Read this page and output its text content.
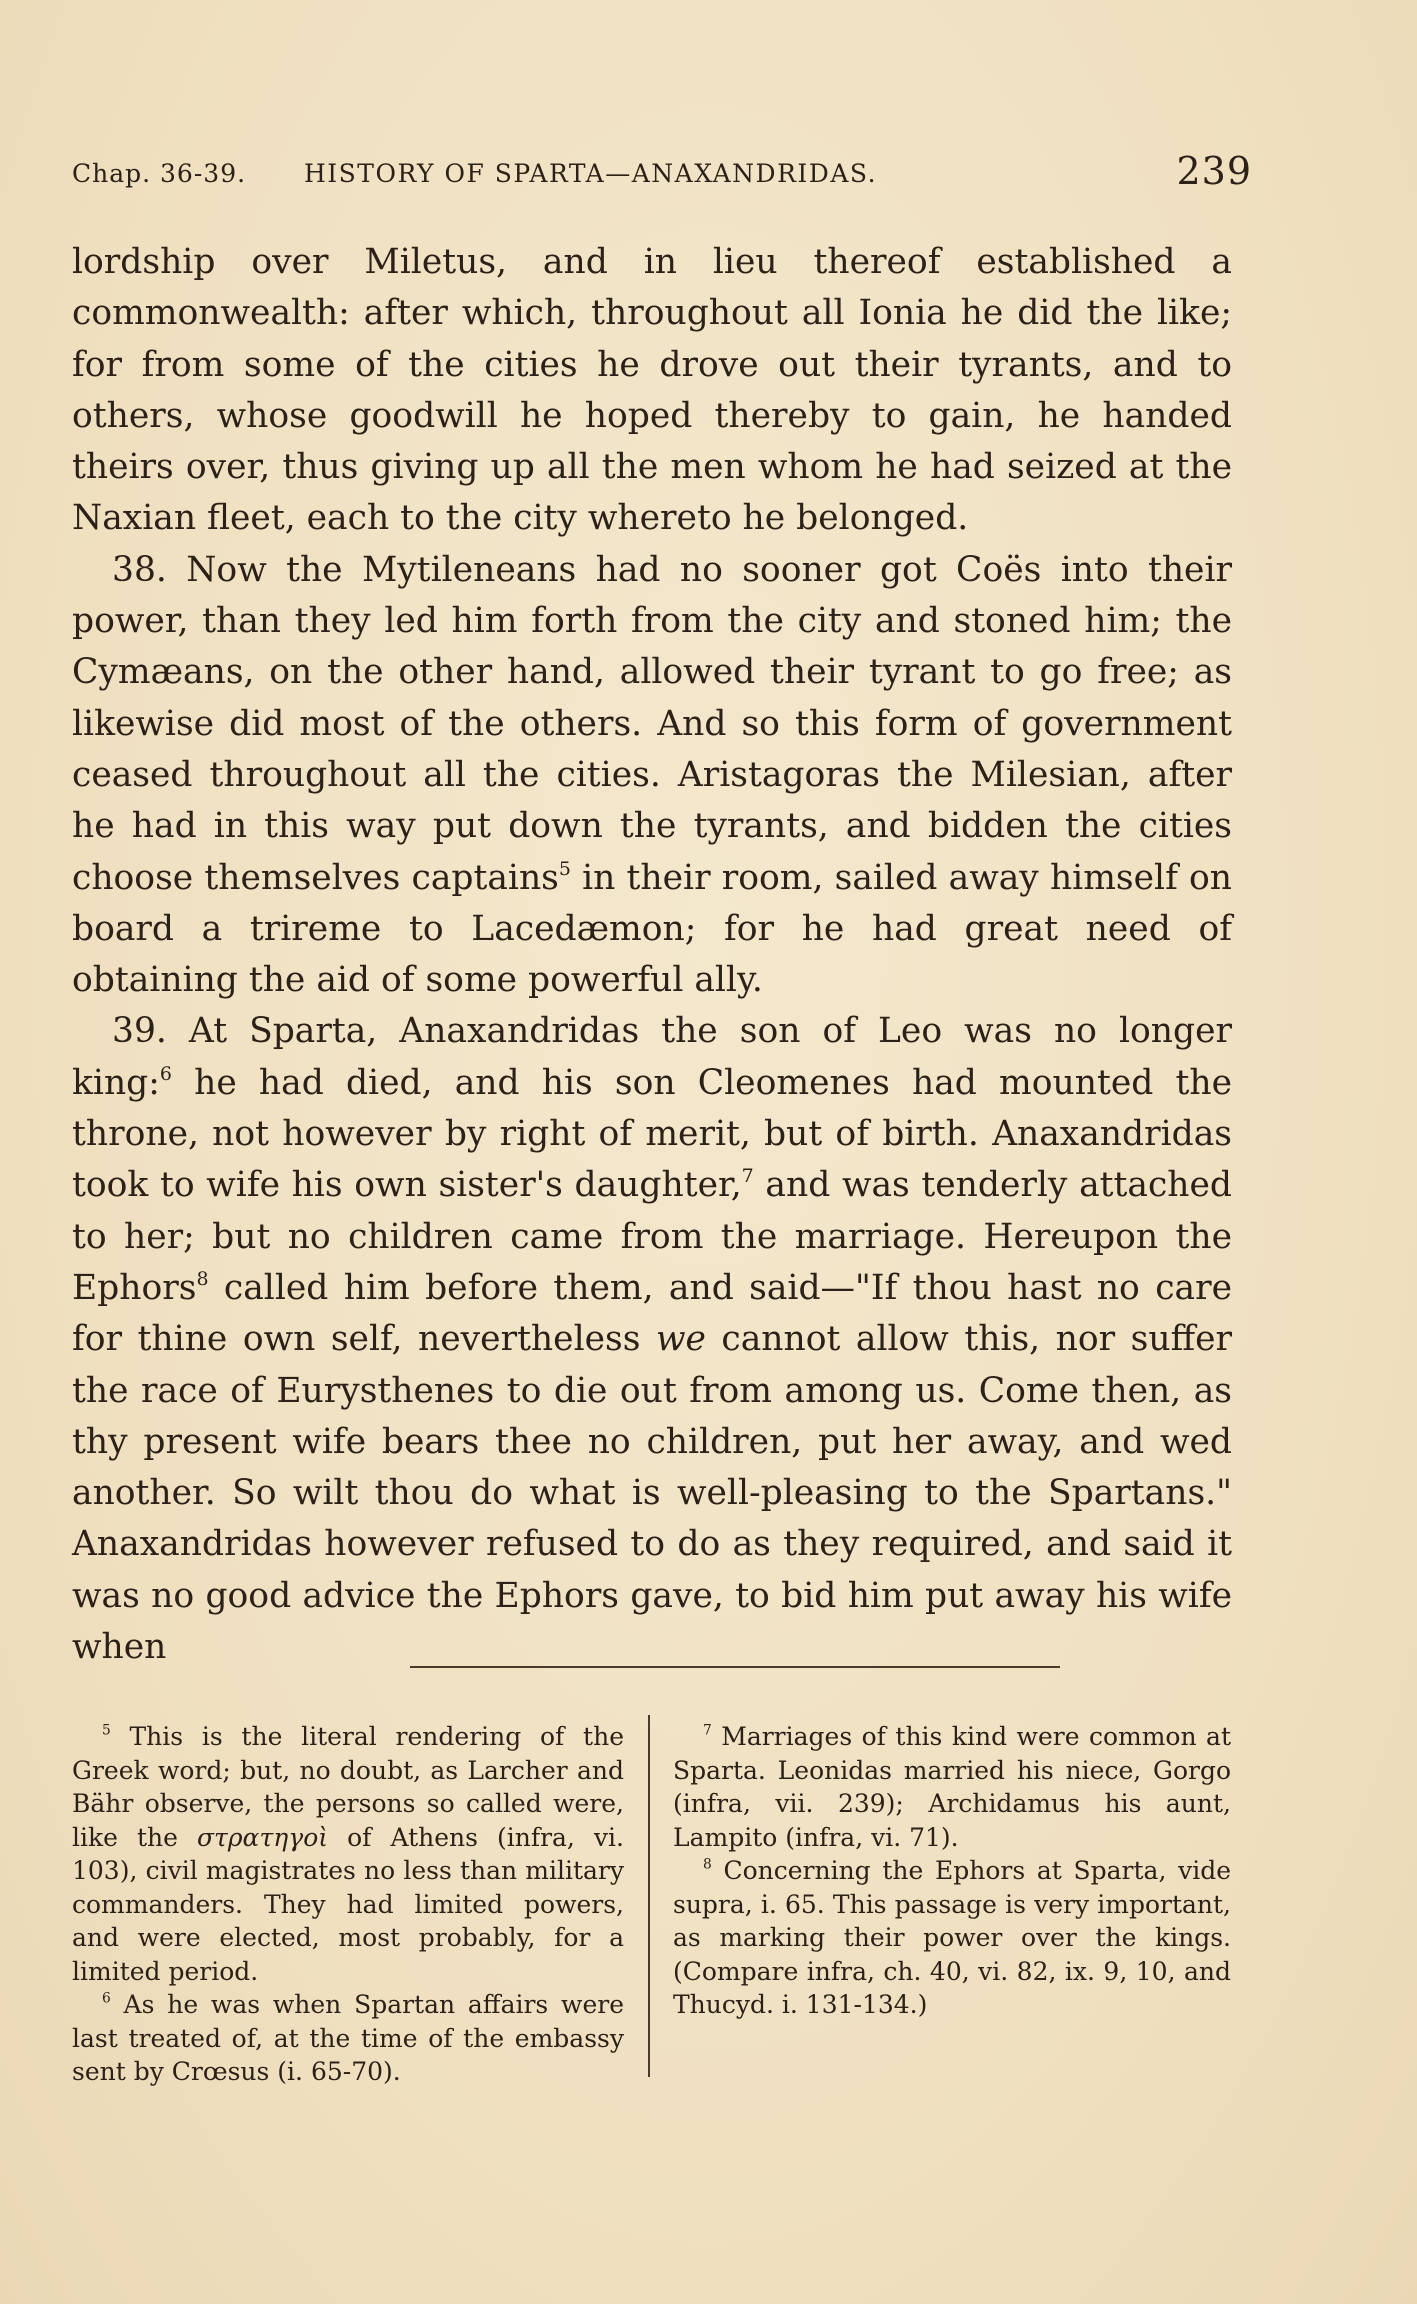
Chap. 36-39. HISTORY OF SPARTA—ANAXANDRIDAS.	239

lordship over Miletus, and in lieu thereof established a commonwealth: after which, throughout all Ionia he did the like; for from some of the cities he drove out their tyrants, and to others, whose goodwill he hoped thereby to gain, he handed theirs over, thus giving up all the men whom he had seized at the Naxian fleet, each to the city whereto he belonged.

38. Now the Mytileneans had no sooner got Coës into their power, than they led him forth from the city and stoned him; the Cymæans, on the other hand, allowed their tyrant to go free; as likewise did most of the others. And so this form of government ceased throughout all the cities. Aristagoras the Milesian, after he had in this way put down the tyrants, and bidden the cities choose themselves captains$^5$ in their room, sailed away himself on board a trireme to Lacedæmon; for he had great need of obtaining the aid of some powerful ally.

39. At Sparta, Anaxandridas the son of Leo was no longer king:$^6$ he had died, and his son Cleomenes had mounted the throne, not however by right of merit, but of birth. Anaxandridas took to wife his own sister's daughter,$^7$ and was tenderly attached to her; but no children came from the marriage. Hereupon the Ephors$^8$ called him before them, and said—"If thou hast no care for thine own self, nevertheless we cannot allow this, nor suffer the race of Eurysthenes to die out from among us. Come then, as thy present wife bears thee no children, put her away, and wed another. So wilt thou do what is well-pleasing to the Spartans." Anaxandridas however refused to do as they required, and said it was no good advice the Ephors gave, to bid him put away his wife when

$^5$ This is the literal rendering of the Greek word; but, no doubt, as Larcher and Bähr observe, the persons so called were, like the στρατηγοὶ of Athens (infra, vi. 103), civil magistrates no less than military commanders. They had limited powers, and were elected, most probably, for a limited period.

$^6$ As he was when Spartan affairs were last treated of, at the time of the embassy sent by Crœsus (i. 65-70).

$^7$ Marriages of this kind were common at Sparta. Leonidas married his niece, Gorgo (infra, vii. 239); Archidamus his aunt, Lampito (infra, vi. 71).

$^8$ Concerning the Ephors at Sparta, vide supra, i. 65. This passage is very important, as marking their power over the kings. (Compare infra, ch. 40, vi. 82, ix. 9, 10, and Thucyd. i. 131-134.)
